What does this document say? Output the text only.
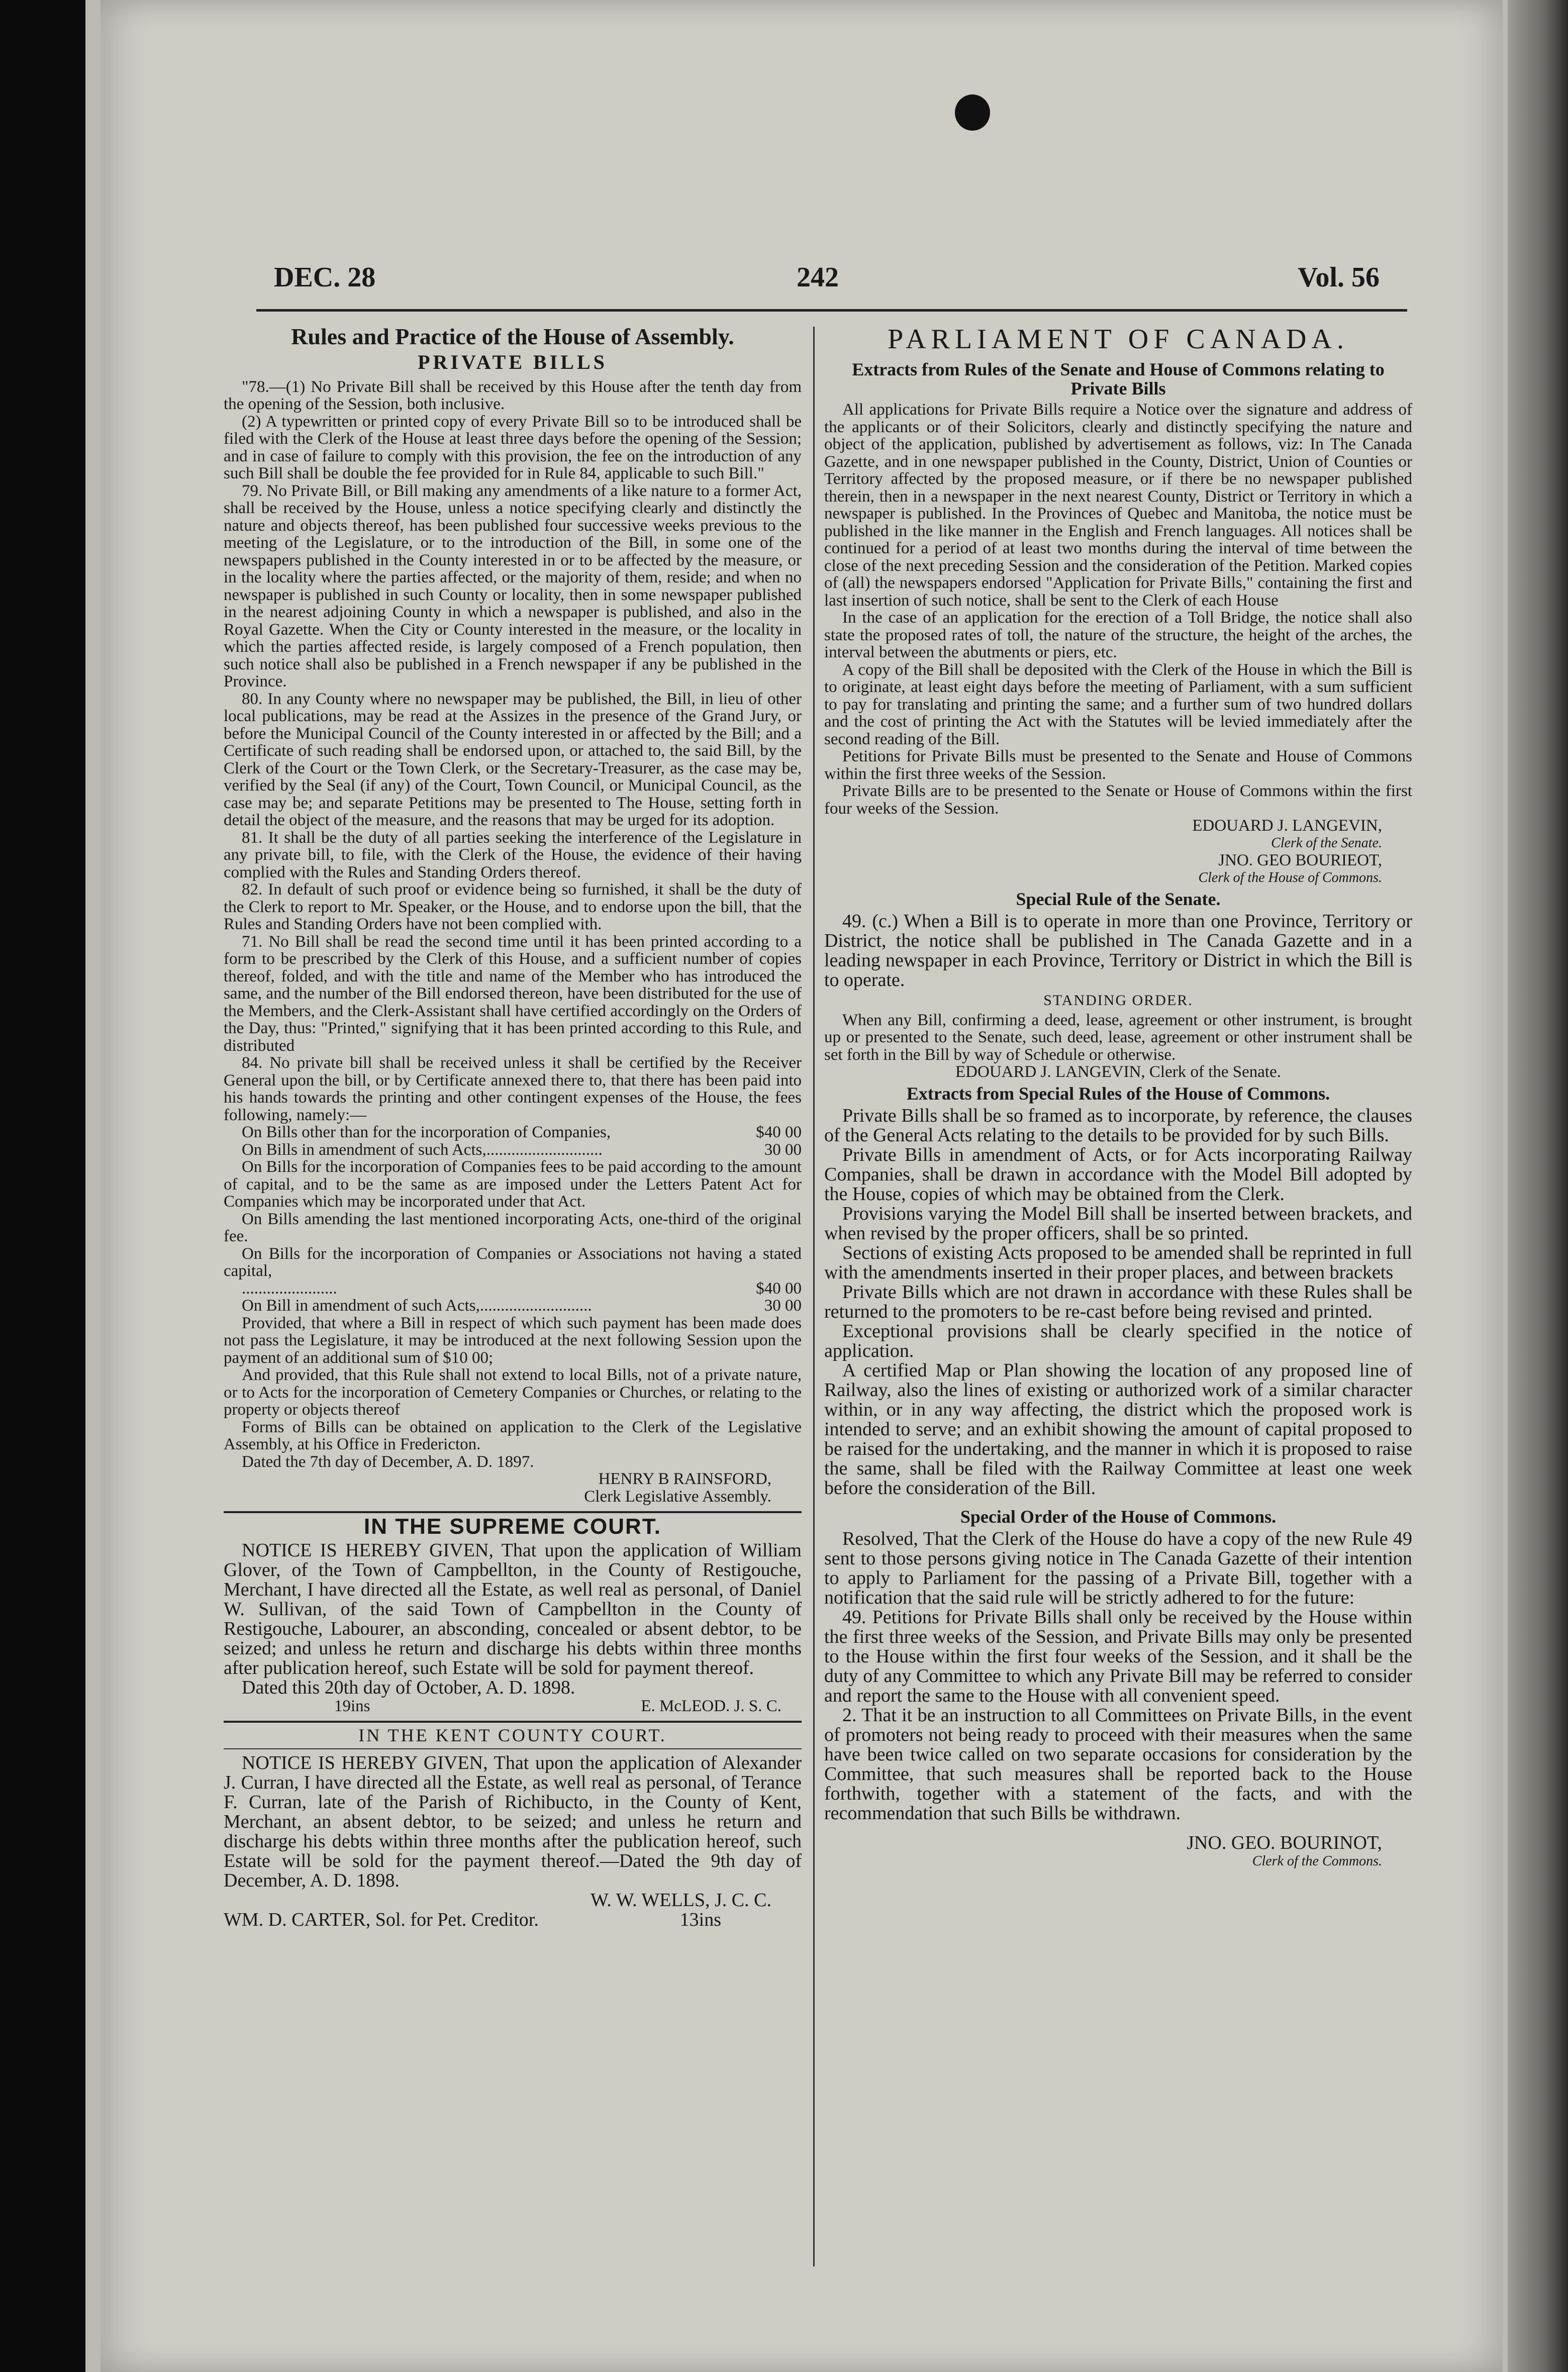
DEC. 28	242	Vol. 56
Rules and Practice of the House of Assembly.
PRIVATE BILLS

"78.—(1) No Private Bill shall be received by this House after the tenth day from the opening of the Session, both inclusive.

(2) A typewritten or printed copy of every Private Bill so to be introduced shall be filed with the Clerk of the House at least three days before the opening of the Session; and in case of failure to comply with this provision, the fee on the introduction of any such Bill shall be double the fee provided for in Rule 84, applicable to such Bill."

79. No Private Bill, or Bill making any amendments of a like nature to a former Act, shall be received by the House, unless a notice specifying clearly and distinctly the nature and objects thereof, has been published four successive weeks previous to the meeting of the Legislature, or to the introduction of the Bill, in some one of the newspapers published in the County interested in or to be affected by the measure, or in the locality where the parties affected, or the majority of them, reside; and when no newspaper is published in such County or locality, then in some newspaper published in the nearest adjoining County in which a newspaper is published, and also in the Royal Gazette. When the City or County interested in the measure, or the locality in which the parties affected reside, is largely composed of a French population, then such notice shall also be published in a French newspaper if any be published in the Province.

80. In any County where no newspaper may be published, the Bill, in lieu of other local publications, may be read at the Assizes in the presence of the Grand Jury, or before the Municipal Council of the County interested in or affected by the Bill; and a Certificate of such reading shall be endorsed upon, or attached to, the said Bill, by the Clerk of the Court or the Town Clerk, or the Secretary-Treasurer, as the case may be, verified by the Seal (if any) of the Court, Town Council, or Municipal Council, as the case may be; and separate Petitions may be presented to The House, setting forth in detail the object of the measure, and the reasons that may be urged for its adoption.

81. It shall be the duty of all parties seeking the interference of the Legislature in any private bill, to file, with the Clerk of the House, the evidence of their having complied with the Rules and Standing Orders thereof.

82. In default of such proof or evidence being so furnished, it shall be the duty of the Clerk to report to Mr. Speaker, or the House, and to endorse upon the bill, that the Rules and Standing Orders have not been complied with.

71. No Bill shall be read the second time until it has been printed according to a form to be prescribed by the Clerk of this House, and a sufficient number of copies thereof, folded, and with the title and name of the Member who has introduced the same, and the number of the Bill endorsed thereon, have been distributed for the use of the Members, and the Clerk-Assistant shall have certified accordingly on the Orders of the Day, thus: "Printed," signifying that it has been printed according to this Rule, and distributed

84. No private bill shall be received unless it shall be certified by the Receiver General upon the bill, or by Certificate annexed there to, that there has been paid into his hands towards the printing and other contingent expenses of the House, the fees following, namely:—

On Bills other than for the incorporation of Companies,	$40 00
On Bills in amendment of such Acts,............................	30 00

On Bills for the incorporation of Companies fees to be paid according to the amount of capital, and to be the same as are imposed under the Letters Patent Act for Companies which may be incorporated under that Act.

On Bills amending the last mentioned incorporating Acts, one-third of the original fee.

On Bills for the incorporation of Companies or Associations not having a stated capital,

.......................	$40 00
On Bill in amendment of such Acts,...........................	30 00

Provided, that where a Bill in respect of which such payment has been made does not pass the Legislature, it may be introduced at the next following Session upon the payment of an additional sum of $10 00;

And provided, that this Rule shall not extend to local Bills, not of a private nature, or to Acts for the incorporation of Cemetery Companies or Churches, or relating to the property or objects thereof

Forms of Bills can be obtained on application to the Clerk of the Legislative Assembly, at his Office in Fredericton.

Dated the 7th day of December, A. D. 1897.

HENRY B RAINSFORD,

Clerk Legislative Assembly.

IN THE SUPREME COURT.

NOTICE IS HEREBY GIVEN, That upon the application of William Glover, of the Town of Campbellton, in the County of Restigouche, Merchant, I have directed all the Estate, as well real as personal, of Daniel W. Sullivan, of the said Town of Campbellton in the County of Restigouche, Labourer, an absconding, concealed or absent debtor, to be seized; and unless he return and discharge his debts within three months after publication hereof, such Estate will be sold for payment thereof.

Dated this 20th day of October, A. D. 1898.

19ins	E. McLEOD. J. S. C.
IN THE KENT COUNTY COURT.

NOTICE IS HEREBY GIVEN, That upon the application of Alexander J. Curran, I have directed all the Estate, as well real as personal, of Terance F. Curran, late of the Parish of Richibucto, in the County of Kent, Merchant, an absent debtor, to be seized; and unless he return and discharge his debts within three months after the publication hereof, such Estate will be sold for the payment thereof.—Dated the 9th day of December, A. D. 1898.

W. W. WELLS, J. C. C.

WM. D. CARTER, Sol. for Pet. Creditor.	13ins
PARLIAMENT OF CANADA.
Extracts from Rules of the Senate and House of Commons relating to Private Bills

All applications for Private Bills require a Notice over the signature and address of the applicants or of their Solicitors, clearly and distinctly specifying the nature and object of the application, published by advertisement as follows, viz: In The Canada Gazette, and in one newspaper published in the County, District, Union of Counties or Territory affected by the proposed measure, or if there be no newspaper published therein, then in a newspaper in the next nearest County, District or Territory in which a newspaper is published. In the Provinces of Quebec and Manitoba, the notice must be published in the like manner in the English and French languages. All notices shall be continued for a period of at least two months during the interval of time between the close of the next preceding Session and the consideration of the Petition. Marked copies of (all) the newspapers endorsed "Application for Private Bills," containing the first and last insertion of such notice, shall be sent to the Clerk of each House

In the case of an application for the erection of a Toll Bridge, the notice shall also state the proposed rates of toll, the nature of the structure, the height of the arches, the interval between the abutments or piers, etc.

A copy of the Bill shall be deposited with the Clerk of the House in which the Bill is to originate, at least eight days before the meeting of Parliament, with a sum sufficient to pay for translating and printing the same; and a further sum of two hundred dollars and the cost of printing the Act with the Statutes will be levied immediately after the second reading of the Bill.

Petitions for Private Bills must be presented to the Senate and House of Commons within the first three weeks of the Session.

Private Bills are to be presented to the Senate or House of Commons within the first four weeks of the Session.

EDOUARD J. LANGEVIN,

Clerk of the Senate.

JNO. GEO BOURIEOT,

Clerk of the House of Commons.

Special Rule of the Senate.

49. (c.) When a Bill is to operate in more than one Province, Territory or District, the notice shall be published in The Canada Gazette and in a leading newspaper in each Province, Territory or District in which the Bill is to operate.

STANDING ORDER.

When any Bill, confirming a deed, lease, agreement or other instrument, is brought up or presented to the Senate, such deed, lease, agreement or other instrument shall be set forth in the Bill by way of Schedule or otherwise.

EDOUARD J. LANGEVIN, Clerk of the Senate.

Extracts from Special Rules of the House of Commons.

Private Bills shall be so framed as to incorporate, by reference, the clauses of the General Acts relating to the details to be provided for by such Bills.

Private Bills in amendment of Acts, or for Acts incorporating Railway Companies, shall be drawn in accordance with the Model Bill adopted by the House, copies of which may be obtained from the Clerk.

Provisions varying the Model Bill shall be inserted between brackets, and when revised by the proper officers, shall be so printed.

Sections of existing Acts proposed to be amended shall be reprinted in full with the amendments inserted in their proper places, and between brackets

Private Bills which are not drawn in accordance with these Rules shall be returned to the promoters to be re-cast before being revised and printed.

Exceptional provisions shall be clearly specified in the notice of application.

A certified Map or Plan showing the location of any proposed line of Railway, also the lines of existing or authorized work of a similar character within, or in any way affecting, the district which the proposed work is intended to serve; and an exhibit showing the amount of capital proposed to be raised for the undertaking, and the manner in which it is proposed to raise the same, shall be filed with the Railway Committee at least one week before the consideration of the Bill.

Special Order of the House of Commons.

Resolved, That the Clerk of the House do have a copy of the new Rule 49 sent to those persons giving notice in The Canada Gazette of their intention to apply to Parliament for the passing of a Private Bill, together with a notification that the said rule will be strictly adhered to for the future:

49. Petitions for Private Bills shall only be received by the House within the first three weeks of the Session, and Private Bills may only be presented to the House within the first four weeks of the Session, and it shall be the duty of any Committee to which any Private Bill may be referred to consider and report the same to the House with all convenient speed.

2. That it be an instruction to all Committees on Private Bills, in the event of promoters not being ready to proceed with their measures when the same have been twice called on two separate occasions for consideration by the Committee, that such measures shall be reported back to the House forthwith, together with a statement of the facts, and with the recommendation that such Bills be withdrawn.

JNO. GEO. BOURINOT,

Clerk of the Commons.
